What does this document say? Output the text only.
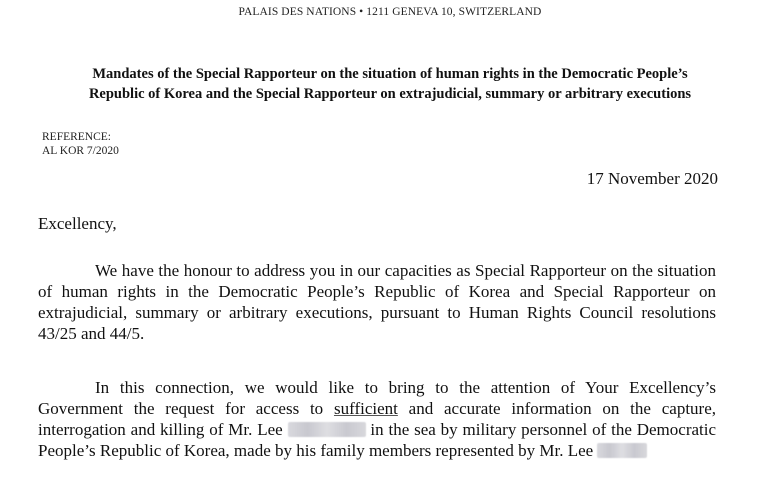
PALAIS DES NATIONS • 1211 GENEVA 10, SWITZERLAND
Mandates of the Special Rapporteur on the situation of human rights in the Democratic People’s
Republic of Korea and the Special Rapporteur on extrajudicial, summary or arbitrary executions
REFERENCE:
AL KOR 7/2020
17 November 2020
Excellency,
We have the honour to address you in our capacities as Special Rapporteur on the situation of human rights in the Democratic People’s Republic of Korea and Special Rapporteur on extrajudicial, summary or arbitrary executions, pursuant to Human Rights Council resolutions 43/25 and 44/5.
In this connection, we would like to bring to the attention of Your Excellency’s Government the request for access to sufficient and accurate information on the capture, interrogation and killing of Mr. Lee	in the sea by military personnel of the Democratic People’s Republic of Korea, made by his family members represented by Mr. Lee
